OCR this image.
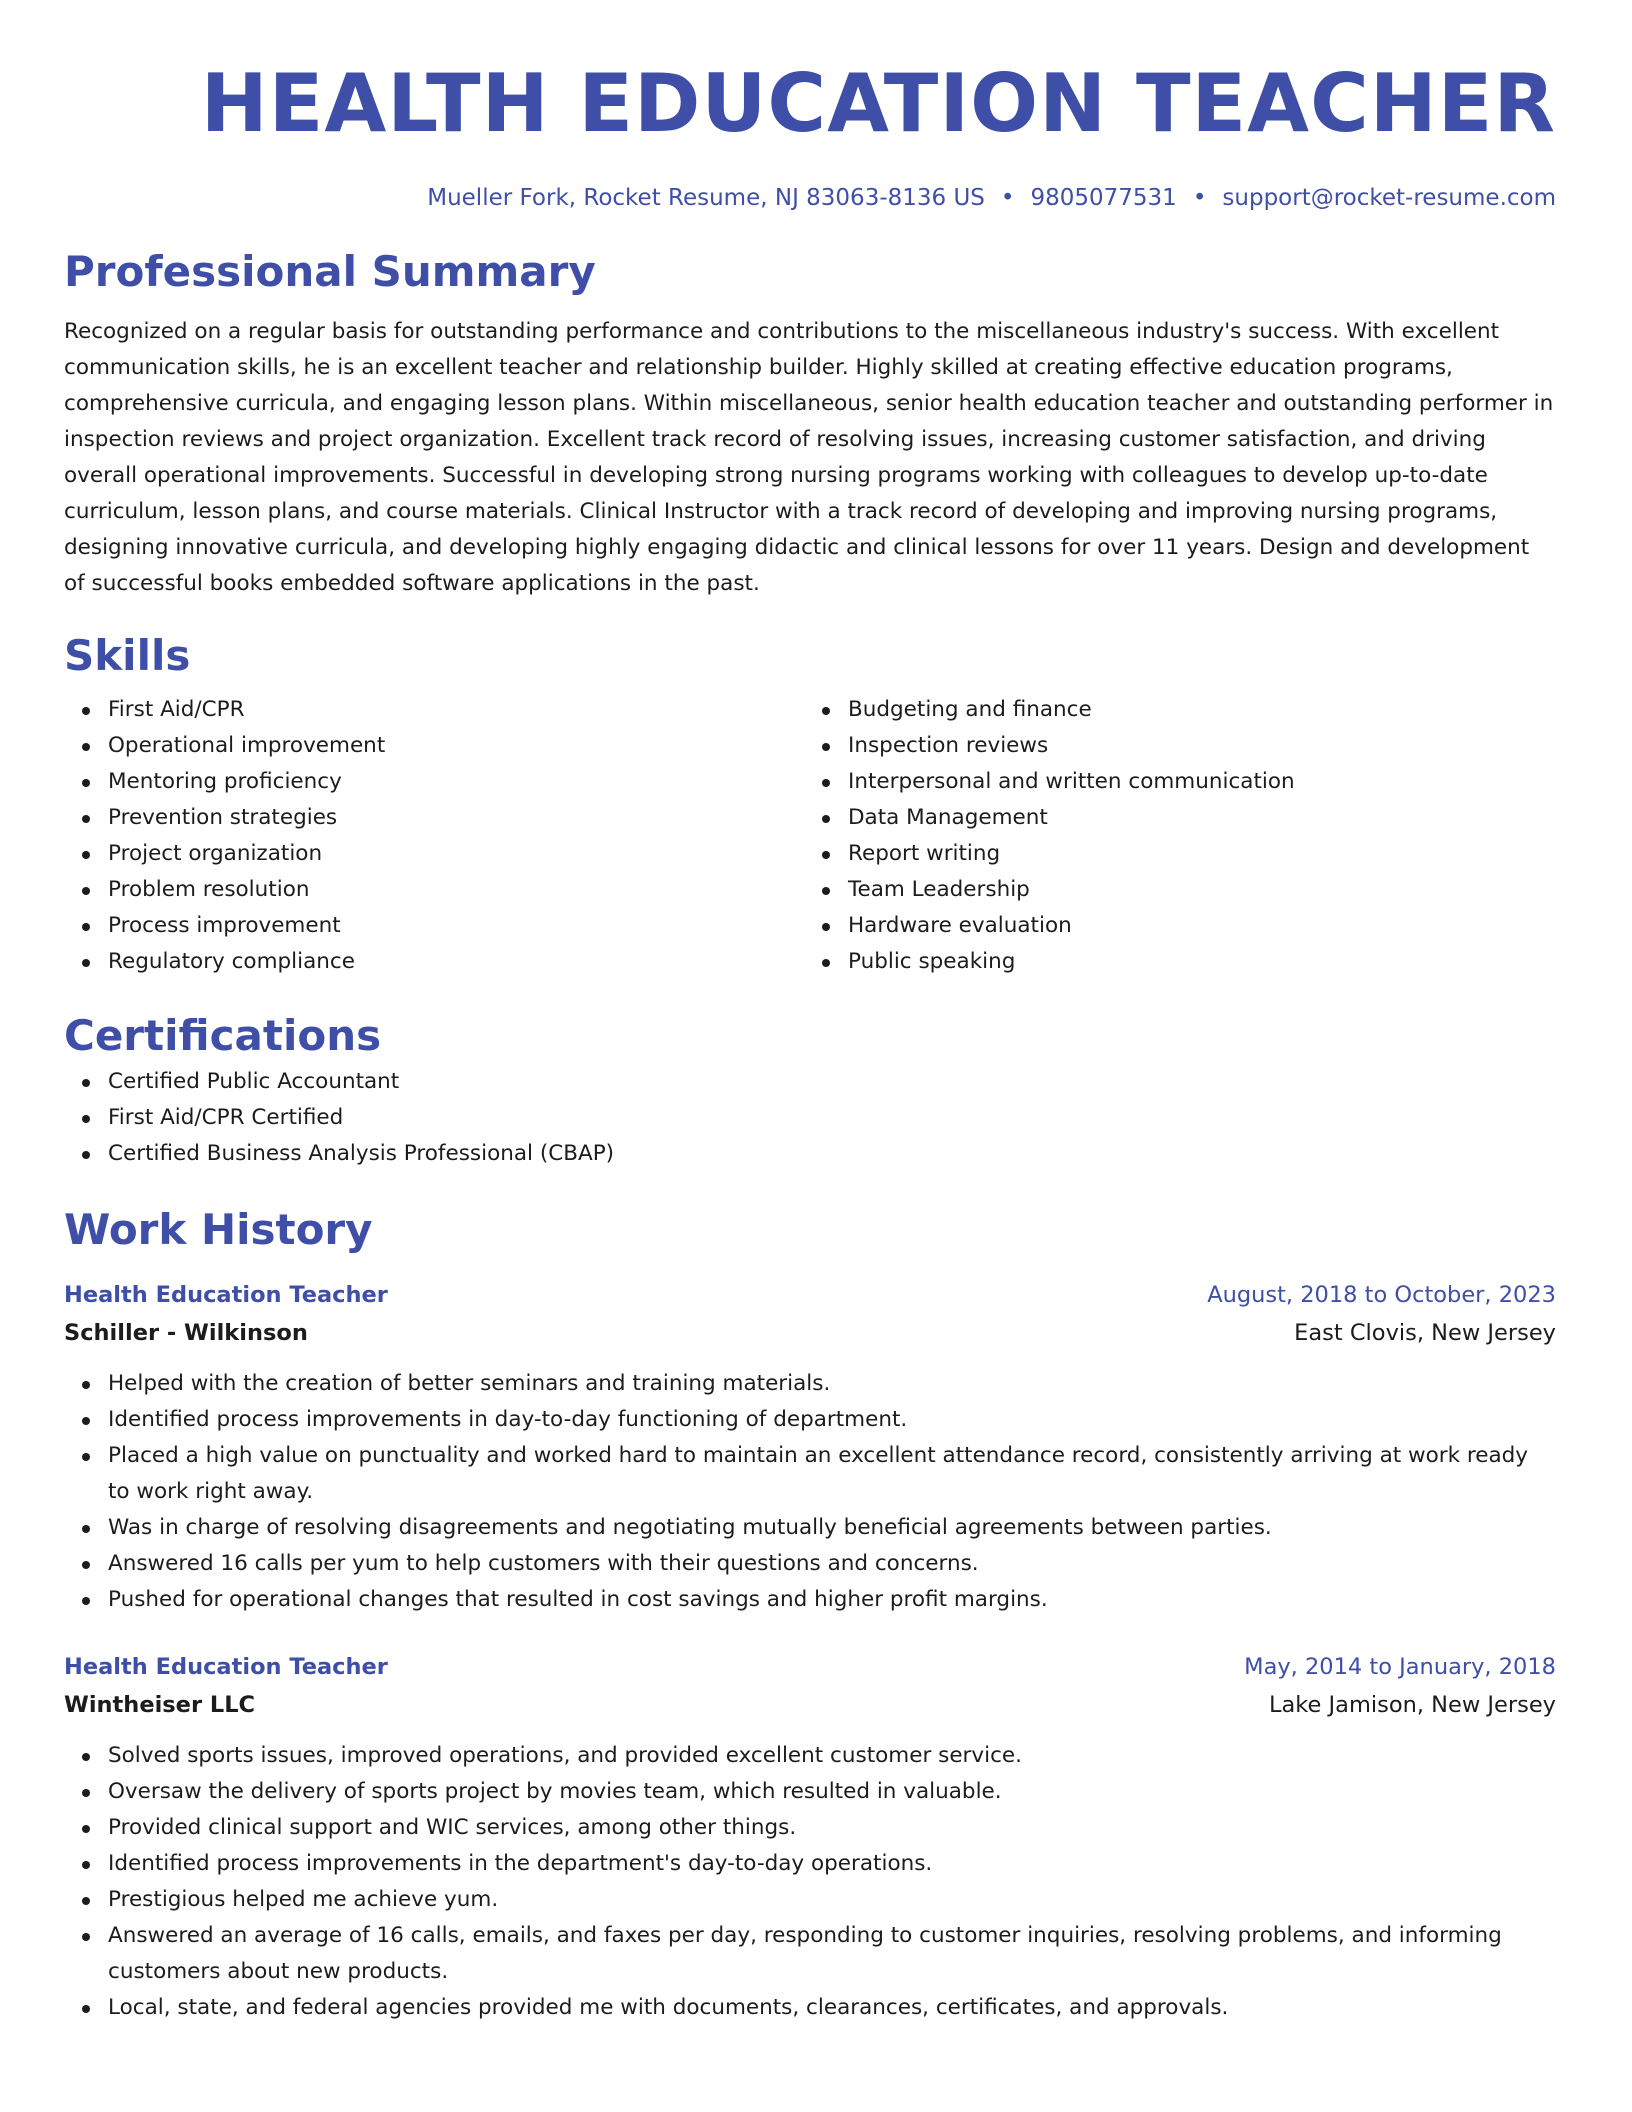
HEALTH EDUCATION TEACHER
Mueller Fork, Rocket Resume, NJ 83063-8136 US • 9805077531 • support@rocket-resume.com
Professional Summary

Recognized on a regular basis for outstanding performance and contributions to the miscellaneous industry's success. With excellent communication skills, he is an excellent teacher and relationship builder. Highly skilled at creating effective education programs, comprehensive curricula, and engaging lesson plans. Within miscellaneous, senior health education teacher and outstanding performer in inspection reviews and project organization. Excellent track record of resolving issues, increasing customer satisfaction, and driving overall operational improvements. Successful in developing strong nursing programs working with colleagues to develop up-to-date curriculum, lesson plans, and course materials. Clinical Instructor with a track record of developing and improving nursing programs, designing innovative curricula, and developing highly engaging didactic and clinical lessons for over 11 years. Design and development of successful books embedded software applications in the past.

Skills
First Aid/CPR
Operational improvement
Mentoring proficiency
Prevention strategies
Project organization
Problem resolution
Process improvement
Regulatory compliance
Budgeting and finance
Inspection reviews
Interpersonal and written communication
Data Management
Report writing
Team Leadership
Hardware evaluation
Public speaking
Certifications
Certified Public Accountant
First Aid/CPR Certified
Certified Business Analysis Professional (CBAP)
Work History
Health Education Teacher	August, 2018 to October, 2023
Schiller - Wilkinson	East Clovis, New Jersey
Helped with the creation of better seminars and training materials.
Identified process improvements in day-to-day functioning of department.
Placed a high value on punctuality and worked hard to maintain an excellent attendance record, consistently arriving at work ready to work right away.
Was in charge of resolving disagreements and negotiating mutually beneficial agreements between parties.
Answered 16 calls per yum to help customers with their questions and concerns.
Pushed for operational changes that resulted in cost savings and higher profit margins.
Health Education Teacher	May, 2014 to January, 2018
Wintheiser LLC	Lake Jamison, New Jersey
Solved sports issues, improved operations, and provided excellent customer service.
Oversaw the delivery of sports project by movies team, which resulted in valuable.
Provided clinical support and WIC services, among other things.
Identified process improvements in the department's day-to-day operations.
Prestigious helped me achieve yum.
Answered an average of 16 calls, emails, and faxes per day, responding to customer inquiries, resolving problems, and informing customers about new products.
Local, state, and federal agencies provided me with documents, clearances, certificates, and approvals.
